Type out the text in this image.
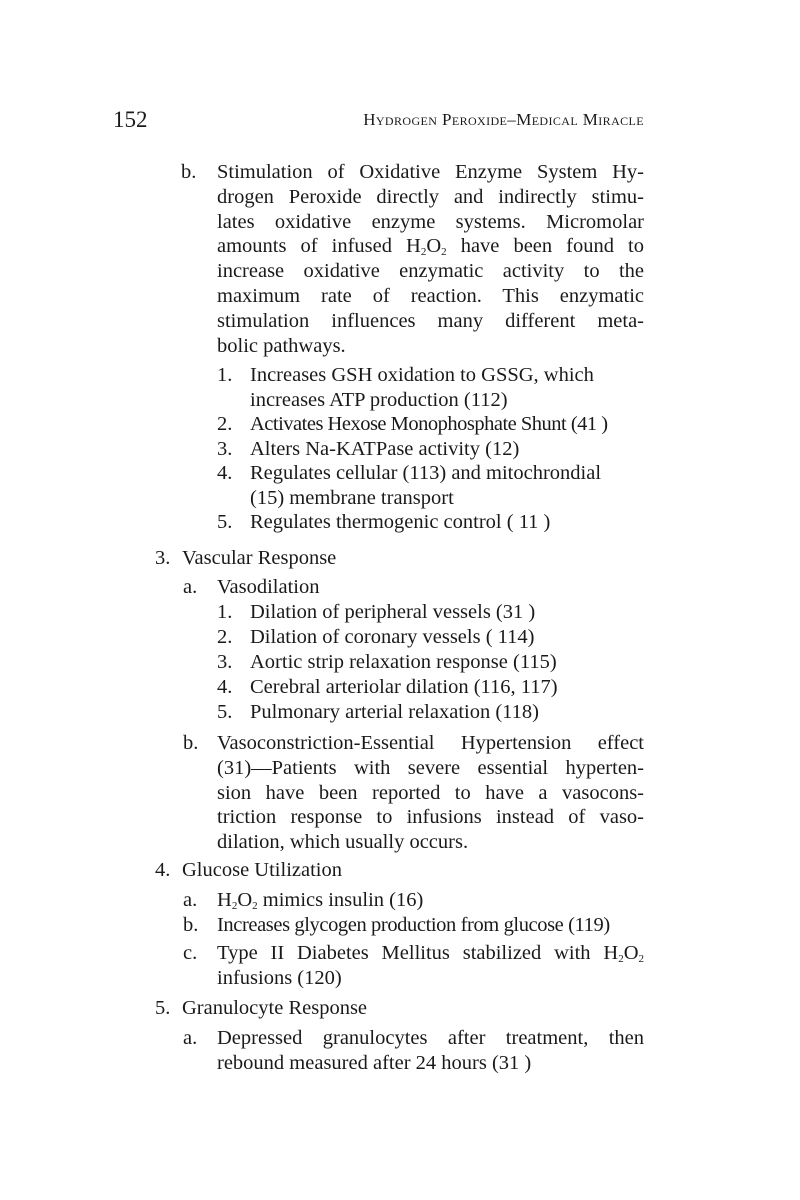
152	Hydrogen Peroxide–Medical Miracle
b. Stimulation of Oxidative Enzyme System Hy-
drogen Peroxide directly and indirectly stimu-
lates oxidative enzyme systems. Micromolar
amounts of infused $H_2O_2$ have been found to
increase oxidative enzymatic activity to the
maximum rate of reaction. This enzymatic
stimulation influences many different meta-
bolic pathways.
1. Increases GSH oxidation to GSSG, which
increases ATP production (112)
2. Activates Hexose Monophosphate Shunt (41 )
3. Alters Na-KATPase activity (12)
4. Regulates cellular (113) and mitochrondial
(15) membrane transport
5. Regulates thermogenic control ( 11 )
3. Vascular Response
a. Vasodilation
1. Dilation of peripheral vessels (31 )
2. Dilation of coronary vessels ( 114)
3. Aortic strip relaxation response (115)
4. Cerebral arteriolar dilation (116, 117)
5. Pulmonary arterial relaxation (118)
b. Vasoconstriction-Essential Hypertension effect
(31)—Patients with severe essential hyperten-
sion have been reported to have a vasocons-
triction response to infusions instead of vaso-
dilation, which usually occurs.
4. Glucose Utilization
a. $H_2O_2$ mimics insulin (16)
b. Increases glycogen production from glucose (119)
c. Type II Diabetes Mellitus stabilized with $H_2O_2$
infusions (120)
5. Granulocyte Response
a. Depressed granulocytes after treatment, then
rebound measured after 24 hours (31 )
